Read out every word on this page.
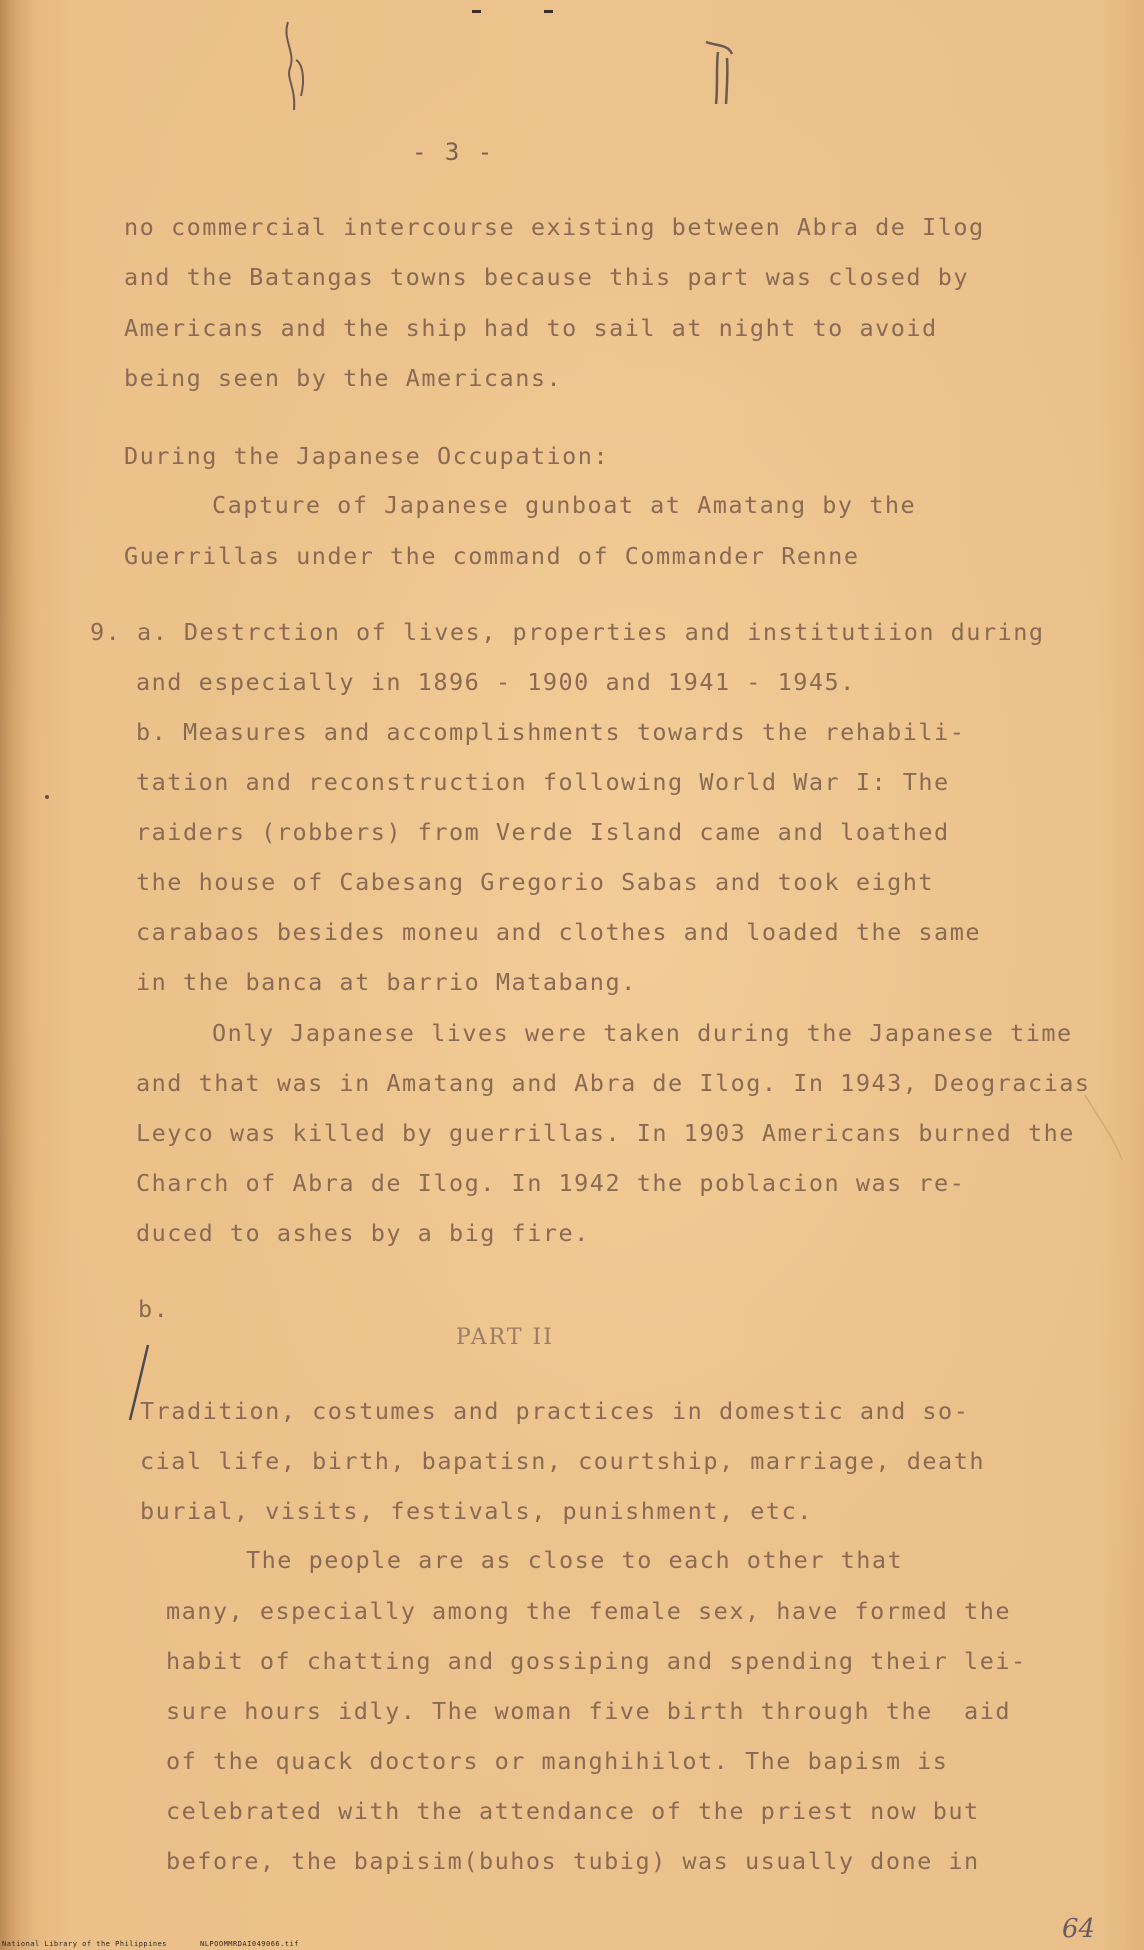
- 3 -

no commercial intercourse existing between Abra de Ilog

and the Batangas towns because this part was closed by

Americans and the ship had to sail at night to avoid

being seen by the Americans.

During the Japanese Occupation:

Capture of Japanese gunboat at Amatang by the

Guerrillas under the command of Commander Renne

9. a. Destrction of lives, properties and institutiion during

and especially in 1896 - 1900 and 1941 - 1945.

b. Measures and accomplishments towards the rehabili-

tation and reconstruction following World War I: The

raiders (robbers) from Verde Island came and loathed

the house of Cabesang Gregorio Sabas and took eight

carabaos besides moneu and clothes and loaded the same

in the banca at barrio Matabang.

Only Japanese lives were taken during the Japanese time

and that was in Amatang and Abra de Ilog. In 1943, Deogracias

Leyco was killed by guerrillas. In 1903 Americans burned the

Charch of Abra de Ilog. In 1942 the poblacion was re-

duced to ashes by a big fire.

b.

Tradition, costumes and practices in domestic and so-

cial life, birth, bapatisn, courtship, marriage, death

burial, visits, festivals, punishment, etc.

The people are as close to each other that

many, especially among the female sex, have formed the

habit of chatting and gossiping and spending their lei-

sure hours idly. The woman five birth through the  aid

of the quack doctors or manghihilot. The bapism is

celebrated with the attendance of the priest now but

before, the bapisim(buhos tubig) was usually done in

PART II
64
National Library of the Philippines	NLPOOMMRDAI049066.tif
